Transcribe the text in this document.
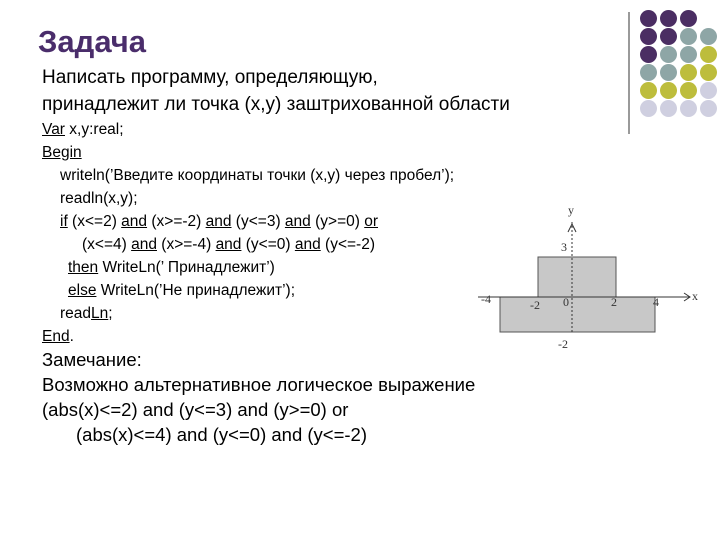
Задача
Написать программу, определяющую,
принадлежит ли точка (x,y) заштрихованной области
Var x,y:real;
Begin
writeln(’Введите координаты точки (x,y) через пробел’);
readln(x,y);
if (x<=2) and (x>=-2) and (y<=3) and (y>=0) or
(x<=4) and (x>=-4) and (y<=0) and (y<=-2)
then WriteLn(’ Принадлежит’)
else WriteLn(’Не принадлежит’);
readLn;
End.
Замечание:
Возможно альтернативное логическое выражение
(abs(x)<=2) and (y<=3) and (y>=0) or
(abs(x)<=4) and (y<=0) and (y<=-2)
y
x
3
-2
-4	-2 0	2	4
